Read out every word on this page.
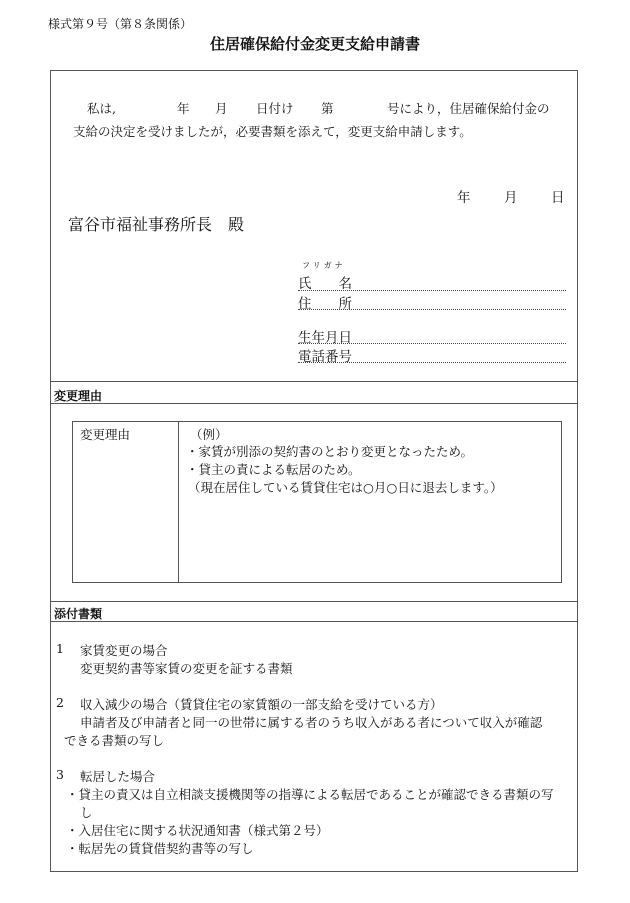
様式第９号（第８条関係）
住居確保給付金変更支給申請書
私は,	年 月 日付け 第	号により，住居確保給付金の
支給の決定を受けましたが，必要書類を添えて，変更支給申請します。
年 月 日
富谷市福祉事務所長　殿
フリガナ
氏　　名
住　　所
生年月日
電話番号
変更理由
変更理由	（例）
・家賃が別添の契約書のとおり変更となったため。
・貸主の責による転居のため。
（現在居住している賃貸住宅は○月○日に退去します。）
添付書類
1 家賃変更の場合
変更契約書等家賃の変更を証する書類
2 収入減少の場合（賃貸住宅の家賃額の一部支給を受けている方）
申請者及び申請者と同一の世帯に属する者のうち収入がある者について収入が確認
できる書類の写し
3 転居した場合
・貸主の責又は自立相談支援機関等の指導による転居であることが確認できる書類の写
し
・入居住宅に関する状況通知書（様式第２号）
・転居先の賃貸借契約書等の写し
